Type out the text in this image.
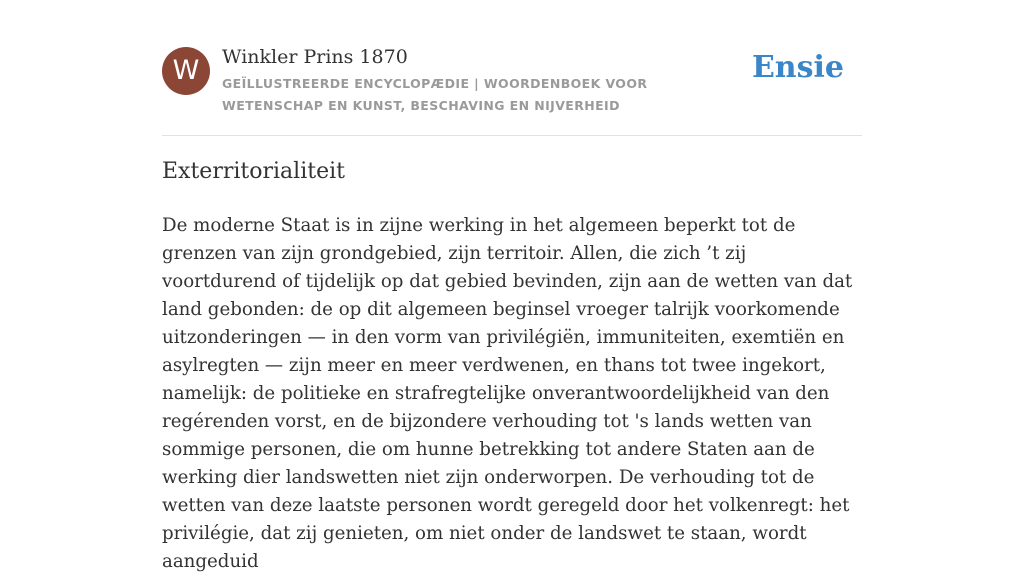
W	Winkler Prins 1870
GEÏLLUSTREERDE ENCYCLOPÆDIE | WOORDENBOEK VOOR WETENSCHAP EN KUNST, BESCHAVING EN NIJVERHEID
Ensie
Exterritorialiteit

De moderne Staat is in zijne werking in het algemeen beperkt tot de grenzen van zijn grondgebied, zijn territoir. Allen, die zich ’t zij voortdurend of tijdelijk op dat gebied bevinden, zijn aan de wetten van dat land gebonden: de op dit algemeen beginsel vroeger talrijk voorkomende uitzonderingen — in den vorm van privilégiën, immuniteiten, exemtiën en asylregten — zijn meer en meer verdwenen, en thans tot twee ingekort, namelijk: de politieke en strafregtelijke onverantwoordelijkheid van den regérenden vorst, en de bijzondere verhouding tot 's lands wetten van sommige personen, die om hunne betrekking tot andere Staten aan de werking dier landswetten niet zijn onderworpen. De verhouding tot de wetten van deze laatste personen wordt geregeld door het volkenregt: het privilégie, dat zij genieten, om niet onder de landswet te staan, wordt aangeduid
